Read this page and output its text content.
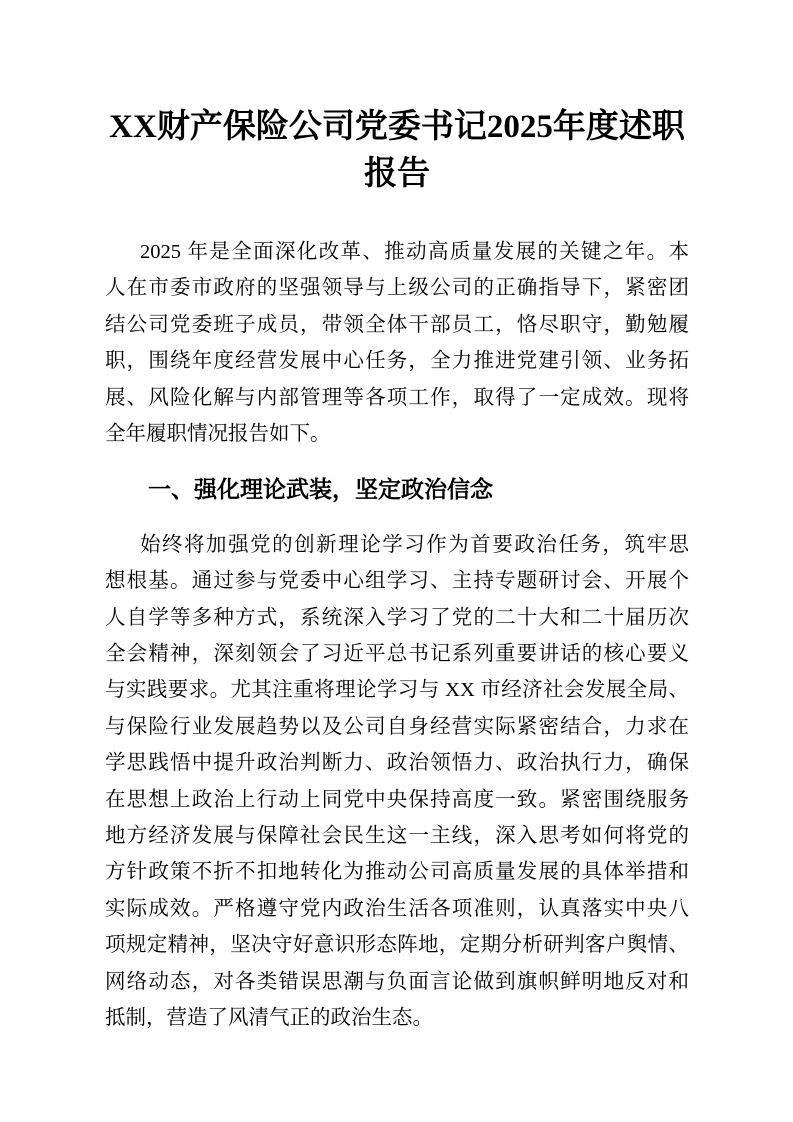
XX财产保险公司党委书记2025年度述职
报告
2025 年是全面深化改革、推动高质量发展的关键之年。本
人在市委市政府的坚强领导与上级公司的正确指导下，紧密团
结公司党委班子成员，带领全体干部员工，恪尽职守，勤勉履
职，围绕年度经营发展中心任务，全力推进党建引领、业务拓
展、风险化解与内部管理等各项工作，取得了一定成效。现将
全年履职情况报告如下。
一、强化理论武装，坚定政治信念
始终将加强党的创新理论学习作为首要政治任务，筑牢思
想根基。通过参与党委中心组学习、主持专题研讨会、开展个
人自学等多种方式，系统深入学习了党的二十大和二十届历次
全会精神，深刻领会了习近平总书记系列重要讲话的核心要义
与实践要求。尤其注重将理论学习与 XX 市经济社会发展全局、
与保险行业发展趋势以及公司自身经营实际紧密结合，力求在
学思践悟中提升政治判断力、政治领悟力、政治执行力，确保
在思想上政治上行动上同党中央保持高度一致。紧密围绕服务
地方经济发展与保障社会民生这一主线，深入思考如何将党的
方针政策不折不扣地转化为推动公司高质量发展的具体举措和
实际成效。严格遵守党内政治生活各项准则，认真落实中央八
项规定精神，坚决守好意识形态阵地，定期分析研判客户舆情、
网络动态，对各类错误思潮与负面言论做到旗帜鲜明地反对和
抵制，营造了风清气正的政治生态。
